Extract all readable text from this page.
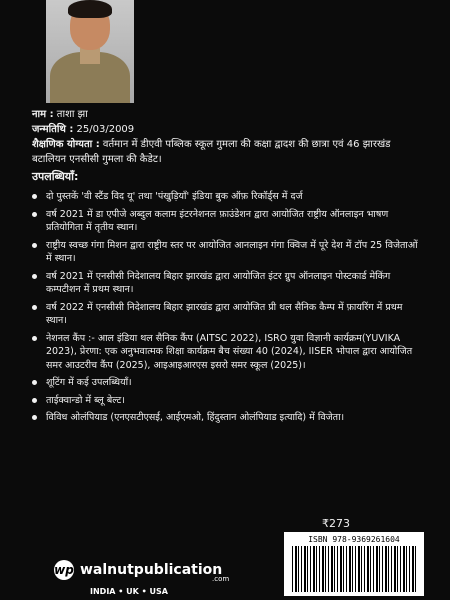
नाम : ताशा झा
जन्मतिथि : 25/03/2009
शैक्षणिक योग्यता : वर्तमान में डीएवी पब्लिक स्कूल गुमला की कक्षा द्वादश की छात्रा एवं 46 झारखंड बटालियन एनसीसी गुमला की कैडेट।
उपलब्धियाँ:
दो पुस्तकें 'वी स्टैंड विद यू' तथा 'पंखुड़ियाँ' इंडिया बुक ऑफ़ रिकॉर्ड्स में दर्ज
वर्ष 2021 में डा एपीजे अब्दुल कलाम इंटरनेशनल फ़ाउंडेशन द्वारा आयोजित राष्ट्रीय ऑनलाइन भाषण प्रतियोगिता में तृतीय स्थान।
राष्ट्रीय स्वच्छ गंगा मिशन द्वारा राष्ट्रीय स्तर पर आयोजित आनलाइन गंगा क्विज में पूरे देश में टॉप 25 विजेताओं में स्थान।
वर्ष 2021 में एनसीसी निदेशालय बिहार झारखंड द्वारा आयोजित इंटर ग्रुप ऑनलाइन पोस्टकार्ड मेकिंग कम्पटीशन में प्रथम स्थान।
वर्ष 2022 में एनसीसी निदेशालय बिहार झारखंड द्वारा आयोजित प्री थल सैनिक कैम्प में फ़ायरिंग में प्रथम स्थान।
नेशनल कैंप :- आल इंडिया थल सैनिक कैंप (AITSC 2022), ISRO युवा विज्ञानी कार्यक्रम(YUVIKA 2023), प्रेरणा: एक अनुभवात्मक शिक्षा कार्यक्रम बैच संख्या 40 (2024), IISER भोपाल द्वारा आयोजित समर आउटरीच कैंप (2025), आइआइआरएस इसरो समर स्कूल (2025)।
शूटिंग में कई उपलब्धियाँ।
ताईक्वान्डो में ब्लू बेल्ट।
विविध ओलंपियाड (एनएसटीएसई, आईएमओ, हिंदुस्तान ओलंपियाड इत्यादि) में विजेता।
₹273
ISBN 978-9369261604
wp walnutpublication
.com
INDIA • UK • USA
